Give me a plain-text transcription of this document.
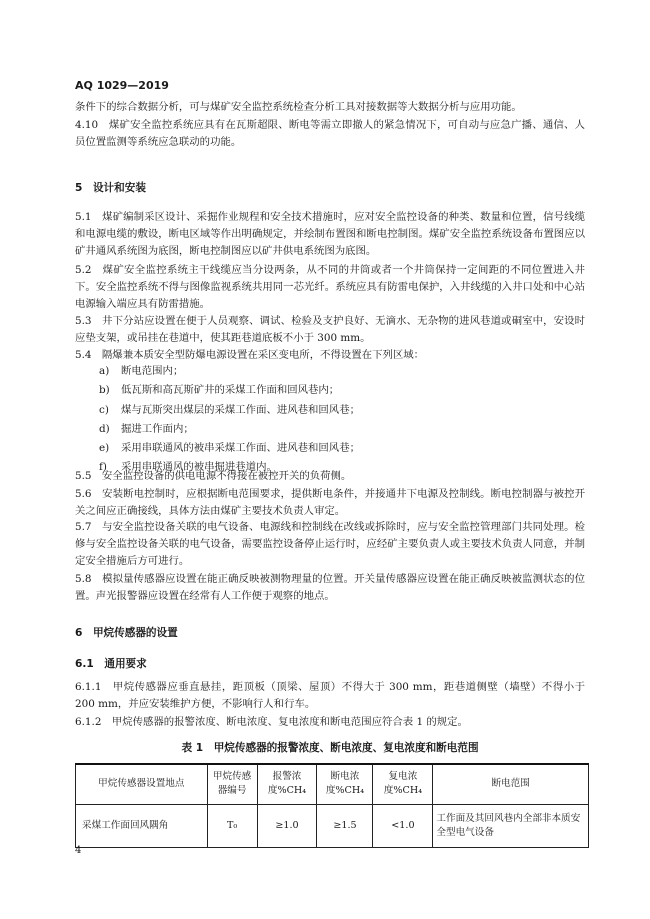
AQ 1029—2019

条件下的综合数据分析，可与煤矿安全监控系统检查分析工具对接数据等大数据分析与应用功能。

4.10　煤矿安全监控系统应具有在瓦斯超限、断电等需立即撤人的紧急情况下，可自动与应急广播、通信、人员位置监测等系统应急联动的功能。

5　设计和安装

5.1　煤矿编制采区设计、采掘作业规程和安全技术措施时，应对安全监控设备的种类、数量和位置，信号线缆和电源电缆的敷设，断电区域等作出明确规定，并绘制布置图和断电控制图。煤矿安全监控系统设备布置图应以矿井通风系统图为底图，断电控制图应以矿井供电系统图为底图。

5.2　煤矿安全监控系统主干线缆应当分设两条，从不同的井筒或者一个井筒保持一定间距的不同位置进入井下。安全监控系统不得与图像监视系统共用同一芯光纤。系统应具有防雷电保护，入井线缆的入井口处和中心站电源输入端应具有防雷措施。

5.3　井下分站应设置在便于人员观察、调试、检验及支护良好、无滴水、无杂物的进风巷道或硐室中，安设时应垫支架，或吊挂在巷道中，使其距巷道底板不小于 300 mm。

5.4　隔爆兼本质安全型防爆电源设置在采区变电所，不得设置在下列区域：

a) 断电范围内；
b) 低瓦斯和高瓦斯矿井的采煤工作面和回风巷内；
c) 煤与瓦斯突出煤层的采煤工作面、进风巷和回风巷；
d) 掘进工作面内；
e) 采用串联通风的被串采煤工作面、进风巷和回风巷；
f) 采用串联通风的被串掘进巷道内。

5.5　安全监控设备的供电电源不得接在被控开关的负荷侧。

5.6　安装断电控制时，应根据断电范围要求，提供断电条件，并接通井下电源及控制线。断电控制器与被控开关之间应正确接线，具体方法由煤矿主要技术负责人审定。

5.7　与安全监控设备关联的电气设备、电源线和控制线在改线或拆除时，应与安全监控管理部门共同处理。检修与安全监控设备关联的电气设备，需要监控设备停止运行时，应经矿主要负责人或主要技术负责人同意，并制定安全措施后方可进行。

5.8　模拟量传感器应设置在能正确反映被测物理量的位置。开关量传感器应设置在能正确反映被监测状态的位置。声光报警器应设置在经常有人工作便于观察的地点。

6　甲烷传感器的设置
6.1　通用要求

6.1.1　甲烷传感器应垂直悬挂，距顶板（顶梁、屋顶）不得大于 300 mm，距巷道侧壁（墙壁）不得小于 200 mm，并应安装维护方便，不影响行人和行车。

6.1.2　甲烷传感器的报警浓度、断电浓度、复电浓度和断电范围应符合表 1 的规定。

表 1　甲烷传感器的报警浓度、断电浓度、复电浓度和断电范围
甲烷传感器设置地点	甲烷传感器编号	报警浓度%CH₄	断电浓度%CH₄	复电浓度%CH₄	断电范围
采煤工作面回风隅角	T₀	≥1.0	≥1.5	<1.0	工作面及其回风巷内全部非本质安全型电气设备
4
